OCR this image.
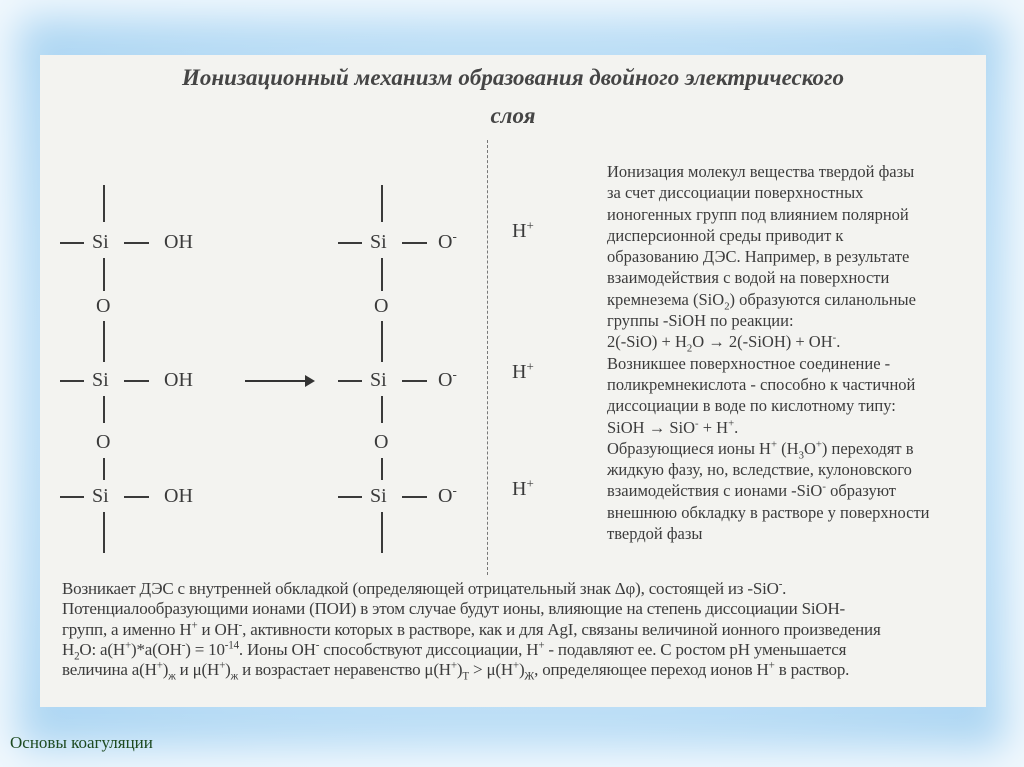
Ионизационный механизм образования двойного электрического
слоя
Si	OH
Si	OH
Si	OH
O
O
Si	O-
Si	O-
Si	O-
O
O
H+
H+
H+
Ионизация молекул вещества твердой фазы
за счет диссоциации поверхностных
ионогенных групп под влиянием полярной
дисперсионной среды приводит к
образованию ДЭС. Например, в результате
взаимодействия с водой на поверхности
кремнезема (SiO$_2$) образуются силанольные
группы -SiOH по реакции:
$2(-SiO) + H_2O$ → 2(-SiOH) + OH-.
Возникшее поверхностное соединение -
поликремнекислота - способно к частичной
диссоциации в воде по кислотному типу:
SiOH → SiO- + H+.
Образующиеся ионы H+ $(H_3O^+)$ переходят в
жидкую фазу, но, вследствие, кулоновского
взаимодействия с ионами -SiO- образуют
внешнюю обкладку в растворе у поверхности
твердой фазы
Возникает ДЭС с внутренней обкладкой (определяющей отрицательный знак Δφ), состоящей из -SiO-.
Потенциалообразующими ионами (ПОИ) в этом случае будут ионы, влияющие на степень диссоциации SiOH-
групп, а именно H+ и OH-, активности которых в растворе, как и для AgI, связаны величиной ионного произведения
$H_2O$: $a(H^+)*a(OH^-) = 10^{-14}$. Ионы OH- способствуют диссоциации, H+ - подавляют ее. С ростом pH уменьшается
величина $a(H^+)_ж$ и $\mu(H^+)_ж$ и возрастает неравенство $\mu(H^+)_T > \mu(H^+)_Ж$, определяющее переход ионов H+ в раствор.
Основы коагуляции
